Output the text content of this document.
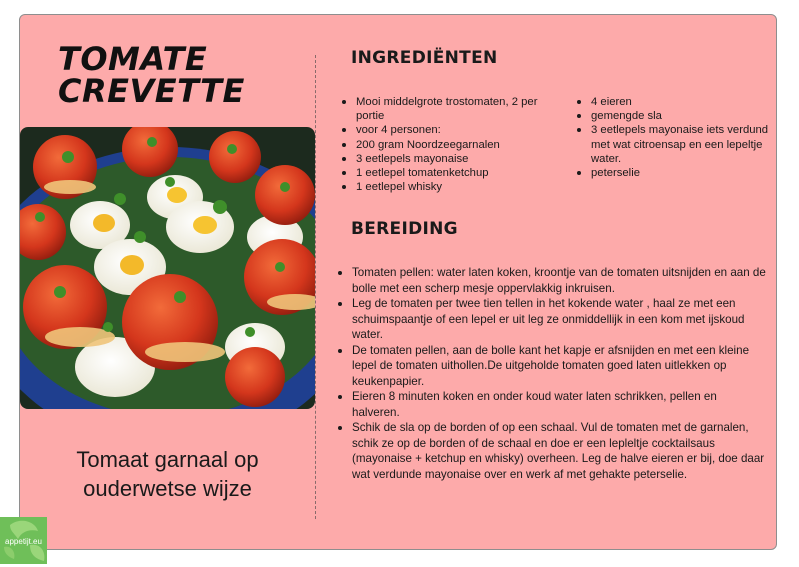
TOMATE
CREVETTE
Tomaat garnaal op
ouderwetse wijze
INGREDIËNTEN
Mooi middelgrote trostomaten, 2 per portie
voor 4 personen:
200 gram Noordzeegarnalen
3 eetlepels mayonaise
1 eetlepel tomatenketchup
1 eetlepel whisky
4 eieren
gemengde sla
3 eetlepels mayonaise iets verdund met wat citroensap en een lepeltje water.
peterselie
BEREIDING
Tomaten pellen: water laten koken, kroontje van de tomaten uitsnijden en aan de bolle met een scherp mesje oppervlakkig inkruisen.
Leg de tomaten per twee tien tellen in het kokende water , haal ze met een schuimspaantje of een lepel er uit leg ze onmiddellijk in een kom met ijskoud water.
De tomaten pellen, aan de bolle kant het kapje er afsnijden en met een kleine lepel de tomaten uithollen.De uitgeholde tomaten goed laten uitlekken op keukenpapier.
Eieren 8 minuten koken en onder koud water laten schrikken, pellen en halveren.
Schik de sla op de borden of op een schaal. Vul de tomaten met de garnalen, schik ze op de borden of de schaal en doe er een lepleltje cocktailsaus (mayonaise + ketchup en whisky) overheen. Leg de halve eieren er bij, doe daar wat verdunde mayonaise over en werk af met gehakte peterselie.
appetijt.eu
